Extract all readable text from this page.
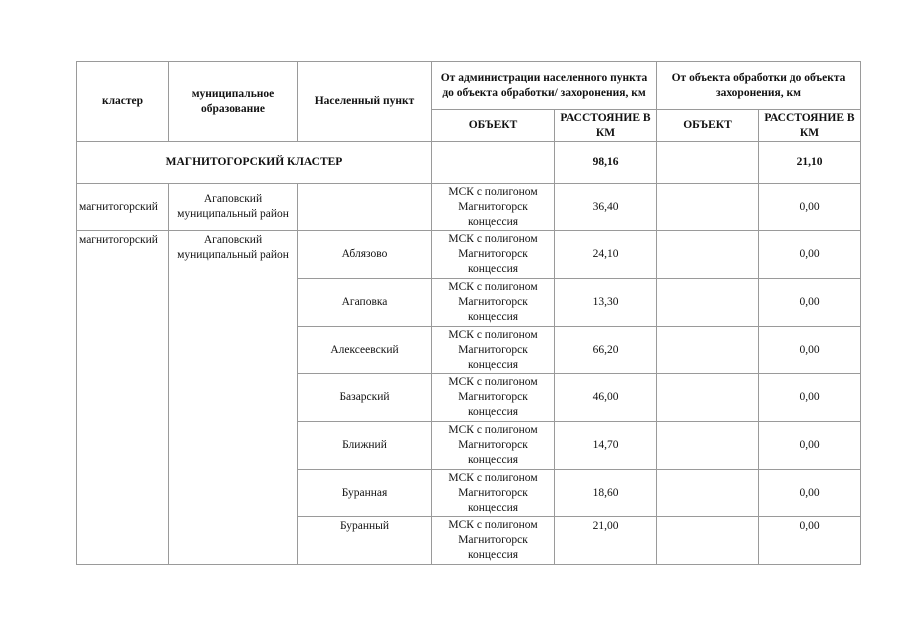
кластер	муниципальное образование	Населенный пункт	От администрации населенного пункта до объекта обработки/ захоронения, км		От объекта обработки до объекта захоронения, км	
			ОБЪЕКТ	РАССТОЯНИЕ В КМ	ОБЪЕКТ	РАССТОЯНИЕ В КМ
МАГНИТОГОРСКИЙ КЛАСТЕР				98,16		21,10
магнитогорский	Агаповский муниципальный район		МСК с полигоном Магнитогорск концессия	36,40		0,00
магнитогорский	Агаповский муниципальный район	Аблязово	МСК с полигоном Магнитогорск концессия	24,10		0,00
		Агаповка	МСК с полигоном Магнитогорск концессия	13,30		0,00
		Алексеевский	МСК с полигоном Магнитогорск концессия	66,20		0,00
		Базарский	МСК с полигоном Магнитогорск концессия	46,00		0,00
		Ближний	МСК с полигоном Магнитогорск концессия	14,70		0,00
		Буранная	МСК с полигоном Магнитогорск концессия	18,60		0,00
		Буранный	МСК с полигоном Магнитогорск концессия	21,00		0,00
